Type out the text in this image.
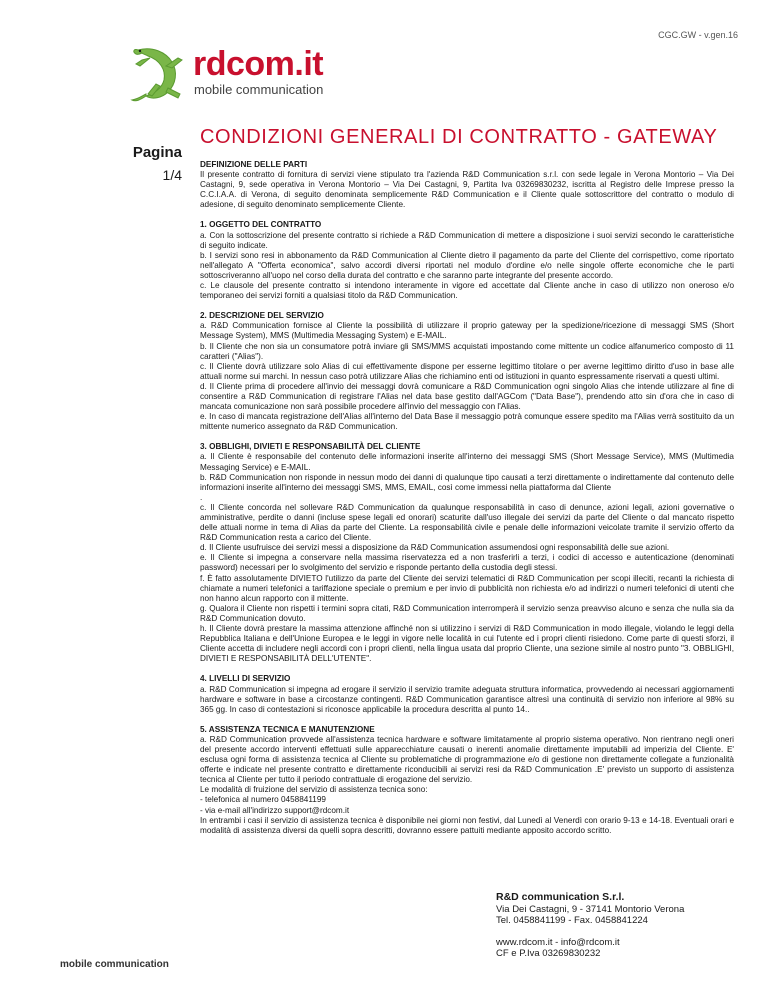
CGC.GW - v.gen.16
rdcom.it
mobile communication
Pagina
1/4
CONDIZIONI GENERALI DI CONTRATTO - GATEWAY
DEFINIZIONE DELLE PARTI

Il presente contratto di fornitura di servizi viene stipulato tra l'azienda R&D Communication s.r.l. con sede legale in Verona Montorio – Via Dei Castagni, 9, sede operativa in Verona Montorio – Via Dei Castagni, 9, Partita Iva 03269830232, iscritta al Registro delle Imprese presso la C.C.I.A.A. di Verona, di seguito denominata semplicemente R&D Communication e il Cliente quale sottoscrittore del contratto o modulo di adesione, di seguito denominato semplicemente Cliente.

1. OGGETTO DEL CONTRATTO

a. Con la sottoscrizione del presente contratto si richiede a R&D Communication di mettere a disposizione i suoi servizi secondo le caratteristiche di seguito indicate.

b. I servizi sono resi in abbonamento da R&D Communication al Cliente dietro il pagamento da parte del Cliente del corrispettivo, come riportato nell'allegato A "Offerta economica", salvo accordi diversi riportati nel modulo d'ordine e/o nelle singole offerte economiche che le parti sottoscriveranno all'uopo nel corso della durata del contratto e che saranno parte integrante del presente accordo.

c. Le clausole del presente contratto si intendono interamente in vigore ed accettate dal Cliente anche in caso di utilizzo non oneroso e/o temporaneo dei servizi forniti a qualsiasi titolo da R&D Communication.

2. DESCRIZIONE DEL SERVIZIO

a. R&D Communication fornisce al Cliente la possibilità di utilizzare il proprio gateway per la spedizione/ricezione di messaggi SMS (Short Message System), MMS (Multimedia Messaging System) e E-MAIL.

b. Il Cliente che non sia un consumatore potrà inviare gli SMS/MMS acquistati impostando come mittente un codice alfanumerico composto di 11 caratteri ("Alias").

c. Il Cliente dovrà utilizzare solo Alias di cui effettivamente dispone per esserne legittimo titolare o per averne legittimo diritto d'uso in base alle attuali norme sui marchi. In nessun caso potrà utilizzare Alias che richiamino enti od istituzioni in quanto espressamente riservati a questi ultimi.

d. Il Cliente prima di procedere all'invio dei messaggi dovrà comunicare a R&D Communication ogni singolo Alias che intende utilizzare al fine di consentire a R&D Communication di registrare l'Alias nel data base gestito dall'AGCom ("Data Base"), prendendo atto sin d'ora che in caso di mancata comunicazione non sarà possibile procedere all'invio del messaggio con l'Alias.

e. In caso di mancata registrazione dell'Alias all'interno del Data Base il messaggio potrà comunque essere spedito ma l'Alias verrà sostituito da un mittente numerico assegnato da R&D Communication.

3. OBBLIGHI, DIVIETI E RESPONSABILITÀ DEL CLIENTE

a. Il Cliente è responsabile del contenuto delle informazioni inserite all'interno dei messaggi SMS (Short Message Service), MMS (Multimedia Messaging Service) e E-MAIL.

b. R&D Communication non risponde in nessun modo dei danni di qualunque tipo causati a terzi direttamente o indirettamente dal contenuto delle informazioni inserite all'interno dei messaggi SMS, MMS, EMAIL, così come immessi nella piattaforma dal Cliente

.

c. Il Cliente concorda nel sollevare R&D Communication da qualunque responsabilità in caso di denunce, azioni legali, azioni governative o amministrative, perdite o danni (incluse spese legali ed onorari) scaturite dall'uso illegale dei servizi da parte del Cliente o dal mancato rispetto delle attuali norme in tema di Alias da parte del Cliente. La responsabilità civile e penale delle informazioni veicolate tramite il servizio offerto da R&D Communication resta a carico del Cliente.

d. Il Cliente usufruisce dei servizi messi a disposizione da R&D Communication assumendosi ogni responsabilità delle sue azioni.

e. Il Cliente si impegna a conservare nella massima riservatezza ed a non trasferirli a terzi, i codici di accesso e autenticazione (denominati password) necessari per lo svolgimento del servizio e risponde pertanto della custodia degli stessi.

f. È fatto assolutamente DIVIETO l'utilizzo da parte del Cliente dei servizi telematici di R&D Communication per scopi illeciti, recanti la richiesta di chiamate a numeri telefonici a tariffazione speciale o premium e per invio di pubblicità non richiesta e/o ad indirizzi o numeri telefonici di utenti che non hanno alcun rapporto con il mittente.

g. Qualora il Cliente non rispetti i termini sopra citati, R&D Communication interromperà il servizio senza preavviso alcuno e senza che nulla sia da R&D Communication dovuto.

h. Il Cliente dovrà prestare la massima attenzione affinché non si utilizzino i servizi di R&D Communication in modo illegale, violando le leggi della Repubblica Italiana e dell'Unione Europea e le leggi in vigore nelle località in cui l'utente ed i propri clienti risiedono. Come parte di questi sforzi, il Cliente accetta di includere negli accordi con i propri clienti, nella lingua usata dal proprio Cliente, una sezione simile al nostro punto "3. OBBLIGHI, DIVIETI E RESPONSABILITÀ DELL'UTENTE".

4. LIVELLI DI SERVIZIO

a. R&D Communication si impegna ad erogare il servizio il servizio tramite adeguata struttura informatica, provvedendo ai necessari aggiornamenti hardware e software in base a circostanze contingenti. R&D Communication garantisce altresì una continuità di servizio non inferiore al 98% su 365 gg. In caso di contestazioni si riconosce applicabile la procedura descritta al punto 14..

5. ASSISTENZA TECNICA E MANUTENZIONE

a. R&D Communication provvede all'assistenza tecnica hardware e software limitatamente al proprio sistema operativo. Non rientrano negli oneri del presente accordo interventi effettuati sulle apparecchiature causati o inerenti anomalie direttamente imputabili ad imperizia del Cliente. E' esclusa ogni forma di assistenza tecnica al Cliente su problematiche di programmazione e/o di gestione non direttamente collegate a funzionalità offerte e indicate nel presente contratto e direttamente riconducibili ai servizi resi da R&D Communication .E' previsto un supporto di assistenza tecnica al Cliente per tutto il periodo contrattuale di erogazione del servizio.

Le modalità di fruizione del servizio di assistenza tecnica sono:

- telefonica al numero 0458841199

- via e-mail all'indirizzo support@rdcom.it

In entrambi i casi il servizio di assistenza tecnica è disponibile nei giorni non festivi, dal Lunedì al Venerdì con orario 9-13 e 14-18. Eventuali orari e modalità di assistenza diversi da quelli sopra descritti, dovranno essere pattuiti mediante apposito accordo scritto.

mobile communication
R&D communication S.r.l.
Via Dei Castagni, 9 - 37141 Montorio Verona
Tel. 0458841199 - Fax. 0458841224
www.rdcom.it - info@rdcom.it
CF e P.Iva 03269830232
